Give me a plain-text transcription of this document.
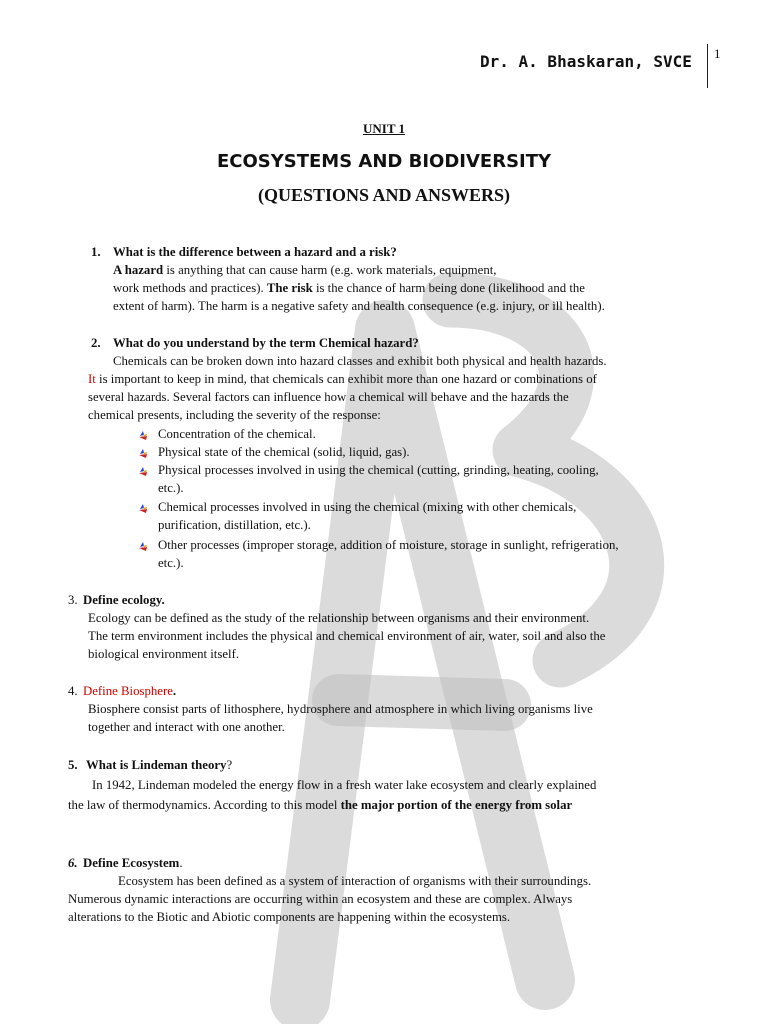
Dr. A. Bhaskaran, SVCE 1
UNIT 1
ECOSYSTEMS AND BIODIVERSITY
(QUESTIONS AND ANSWERS)
1. What is the difference between a hazard and a risk?
A hazard is anything that can cause harm (e.g. work materials, equipment,
work methods and practices). The risk is the chance of harm being done (likelihood and the
extent of harm). The harm is a negative safety and health consequence (e.g. injury, or ill health).
2. What do you understand by the term Chemical hazard?
Chemicals can be broken down into hazard classes and exhibit both physical and health hazards.
It is important to keep in mind, that chemicals can exhibit more than one hazard or combinations of
several hazards. Several factors can influence how a chemical will behave and the hazards the
chemical presents, including the severity of the response:
Concentration of the chemical.
Physical state of the chemical (solid, liquid, gas).
Physical processes involved in using the chemical (cutting, grinding, heating, cooling,
etc.).
Chemical processes involved in using the chemical (mixing with other chemicals,
purification, distillation, etc.).
Other processes (improper storage, addition of moisture, storage in sunlight, refrigeration,
etc.).
3. Define ecology.
Ecology can be defined as the study of the relationship between organisms and their environment.
The term environment includes the physical and chemical environment of air, water, soil and also the
biological environment itself.
4. Define Biosphere.
Biosphere consist parts of lithosphere, hydrosphere and atmosphere in which living organisms live
together and interact with one another.
5. What is Lindeman theory?
In 1942, Lindeman modeled the energy flow in a fresh water lake ecosystem and clearly explained
the law of thermodynamics. According to this model the major portion of the energy from solar
6. Define Ecosystem.
Ecosystem has been defined as a system of interaction of organisms with their surroundings.
Numerous dynamic interactions are occurring within an ecosystem and these are complex. Always
alterations to the Biotic and Abiotic components are happening within the ecosystems.
